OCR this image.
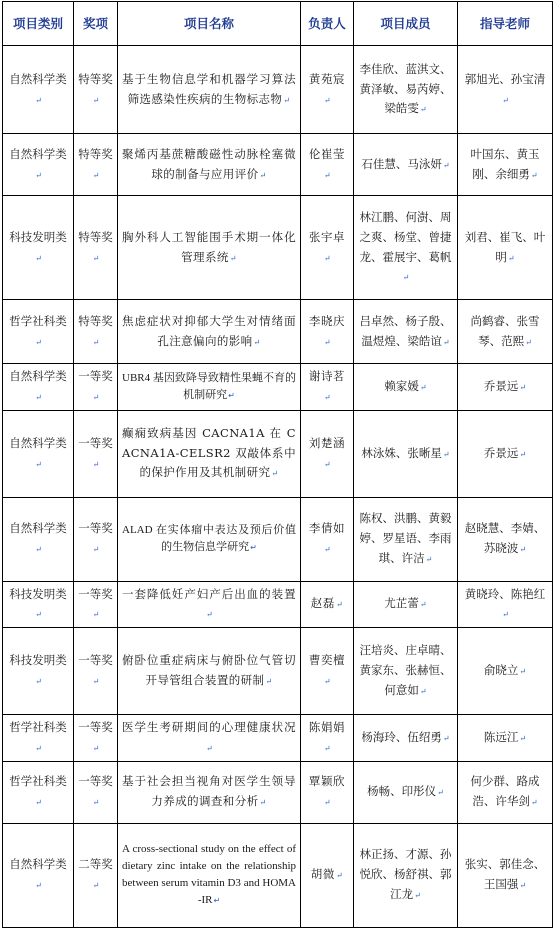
项目类别	奖项	项目名称	负责人	项目成员	指导老师
自然科学类↵	特等奖↵	基于生物信息学和机器学习算法筛选感染性疾病的生物标志物↵	黄苑宸↵	李佳欣、蓝淇文、黄泽敏、易芮婷、梁皓雯↵	郭旭光、孙宝清↵
自然科学类↵	特等奖↵	聚烯丙基蔗糖酸磁性动脉栓塞微球的制备与应用评价↵	伦崔莹↵	石佳慧、马泳妍↵	叶国东、黄玉刚、余细勇↵
科技发明类↵	特等奖↵	胸外科人工智能围手术期一体化管理系统↵	张宇卓↵	林江鹏、何澍、周之爽、杨堂、曾捷龙、霍展宇、葛帆↵	刘君、崔飞、叶明↵
哲学社科类↵	特等奖↵	焦虑症状对抑郁大学生对情绪面孔注意偏向的影响↵	李晓庆↵	吕卓然、杨子殷、温煜煌、梁皓谊↵	尚鹤睿、张雪琴、范熙↵
自然科学类↵	一等奖↵	UBR4 基因致降导致精性果蝇不育的机制研究↵	谢诗茗↵	赖家媛↵	乔景远↵
自然科学类↵	一等奖↵	癫痫致病基因 CACNA1A 在 CACNA1A-CELSR2 双敲体系中的保护作用及其机制研究↵	刘楚涵↵	林泳姝、张晰星↵	乔景远↵
自然科学类↵	一等奖↵	ALAD 在实体瘤中表达及预后价值的生物信息学研究↵	李倩如↵	陈权、洪鹏、黄毅婷、罗星语、李雨琪、许洁↵	赵晓慧、李婧、苏晓波↵
科技发明类↵	一等奖↵	一套降低妊产妇产后出血的装置↵	赵磊↵	尤芷蕾↵	黄晓玲、陈艳红↵
科技发明类↵	一等奖↵	俯卧位重症病床与俯卧位气管切开导管组合装置的研制↵	曹奕檀↵	汪培炎、庄卓晴、黄家东、张赫恒、何意如↵	俞晓立↵
哲学社科类↵	一等奖↵	医学生考研期间的心理健康状况↵	陈娟娟↵	杨海玲、伍绍勇↵	陈远江↵
哲学社科类↵	一等奖↵	基于社会担当视角对医学生领导力养成的调查和分析↵	覃颖欣↵	杨畅、印彤仪↵	何少群、路成浩、许华剑↵
自然科学类↵	二等奖↵	A cross-sectional study on the effect of dietary zinc intake on the relationship between serum vitamin D3 and HOMA-IR↵	胡微↵	林正扬、才源、孙悦欣、杨舒祺、郭江龙↵	张实、郭佳念、王国强↵
